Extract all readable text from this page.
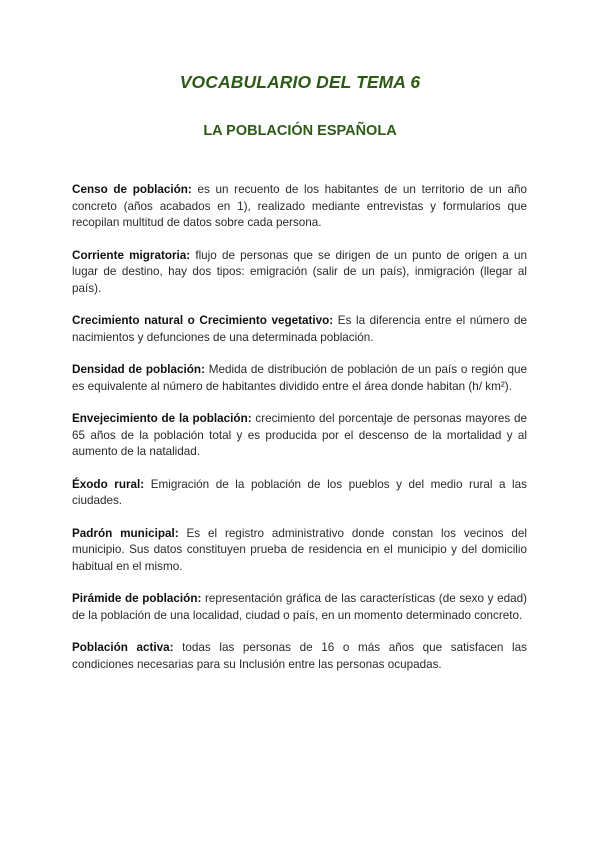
VOCABULARIO DEL TEMA 6
LA POBLACIÓN ESPAÑOLA

Censo de población: es un recuento de los habitantes de un territorio de un año concreto (años acabados en 1), realizado mediante entrevistas y formularios que recopilan multitud de datos sobre cada persona.

Corriente migratoria: flujo de personas que se dirigen de un punto de origen a un lugar de destino, hay dos tipos: emigración (salir de un país), inmigración (llegar al país).

Crecimiento natural o Crecimiento vegetativo: Es la diferencia entre el número de nacimientos y defunciones de una determinada población.

Densidad de población: Medida de distribución de población de un país o región que es equivalente al número de habitantes dividido entre el área donde habitan (h/ km²).

Envejecimiento de la población: crecimiento del porcentaje de personas mayores de 65 años de la población total y es producida por el descenso de la mortalidad y al aumento de la natalidad.

Éxodo rural: Emigración de la población de los pueblos y del medio rural a las ciudades.

Padrón municipal: Es el registro administrativo donde constan los vecinos del municipio. Sus datos constituyen prueba de residencia en el municipio y del domicilio habitual en el mismo.

Pirámide de población: representación gráfica de las características (de sexo y edad) de la población de una localidad, ciudad o país, en un momento determinado concreto.

Población activa: todas las personas de 16 o más años que satisfacen las condiciones necesarias para su Inclusión entre las personas ocupadas.
